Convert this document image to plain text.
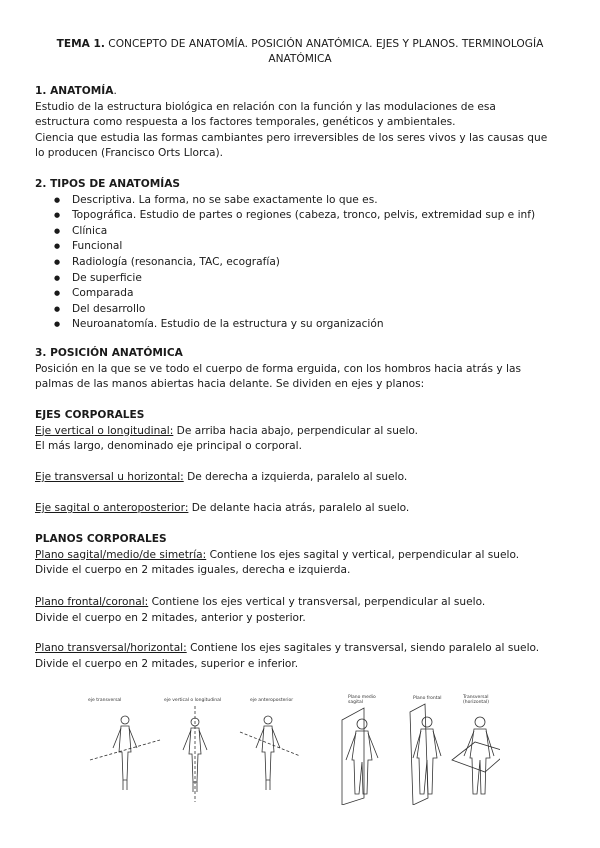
TEMA 1. CONCEPTO DE ANATOMÍA. POSICIÓN ANATÓMICA. EJES Y PLANOS. TERMINOLOGÍA ANATÓMICA

1. ANATOMÍA.

Estudio de la estructura biológica en relación con la función y las modulaciones de esa

estructura como respuesta a los factores temporales, genéticos y ambientales.

Ciencia que estudia las formas cambiantes pero irreversibles de los seres vivos y las causas que

lo producen (Francisco Orts Llorca).

2. TIPOS DE ANATOMÍAS

● Descriptiva. La forma, no se sabe exactamente lo que es.
● Topográfica. Estudio de partes o regiones (cabeza, tronco, pelvis, extremidad sup e inf)
● Clínica
● Funcional
● Radiología (resonancia, TAC, ecografía)
● De superficie
● Comparada
● Del desarrollo
● Neuroanatomía. Estudio de la estructura y su organización

3. POSICIÓN ANATÓMICA

Posición en la que se ve todo el cuerpo de forma erguida, con los hombros hacia atrás y las

palmas de las manos abiertas hacia delante. Se dividen en ejes y planos:

EJES CORPORALES

Eje vertical o longitudinal: De arriba hacia abajo, perpendicular al suelo.

El más largo, denominado eje principal o corporal.

Eje transversal u horizontal: De derecha a izquierda, paralelo al suelo.

Eje sagital o anteroposterior: De delante hacia atrás, paralelo al suelo.

PLANOS CORPORALES

Plano sagital/medio/de simetría: Contiene los ejes sagital y vertical, perpendicular al suelo.

Divide el cuerpo en 2 mitades iguales, derecha e izquierda.

Plano frontal/coronal: Contiene los ejes vertical y transversal, perpendicular al suelo.

Divide el cuerpo en 2 mitades, anterior y posterior.

Plano transversal/horizontal: Contiene los ejes sagitales y transversal, siendo paralelo al suelo.

Divide el cuerpo en 2 mitades, superior e inferior.

eje transversal	eje vertical o longitudinal	eje anteroposterior
Plano medio sagital
Plano frontal	Transversal (horizontal)
